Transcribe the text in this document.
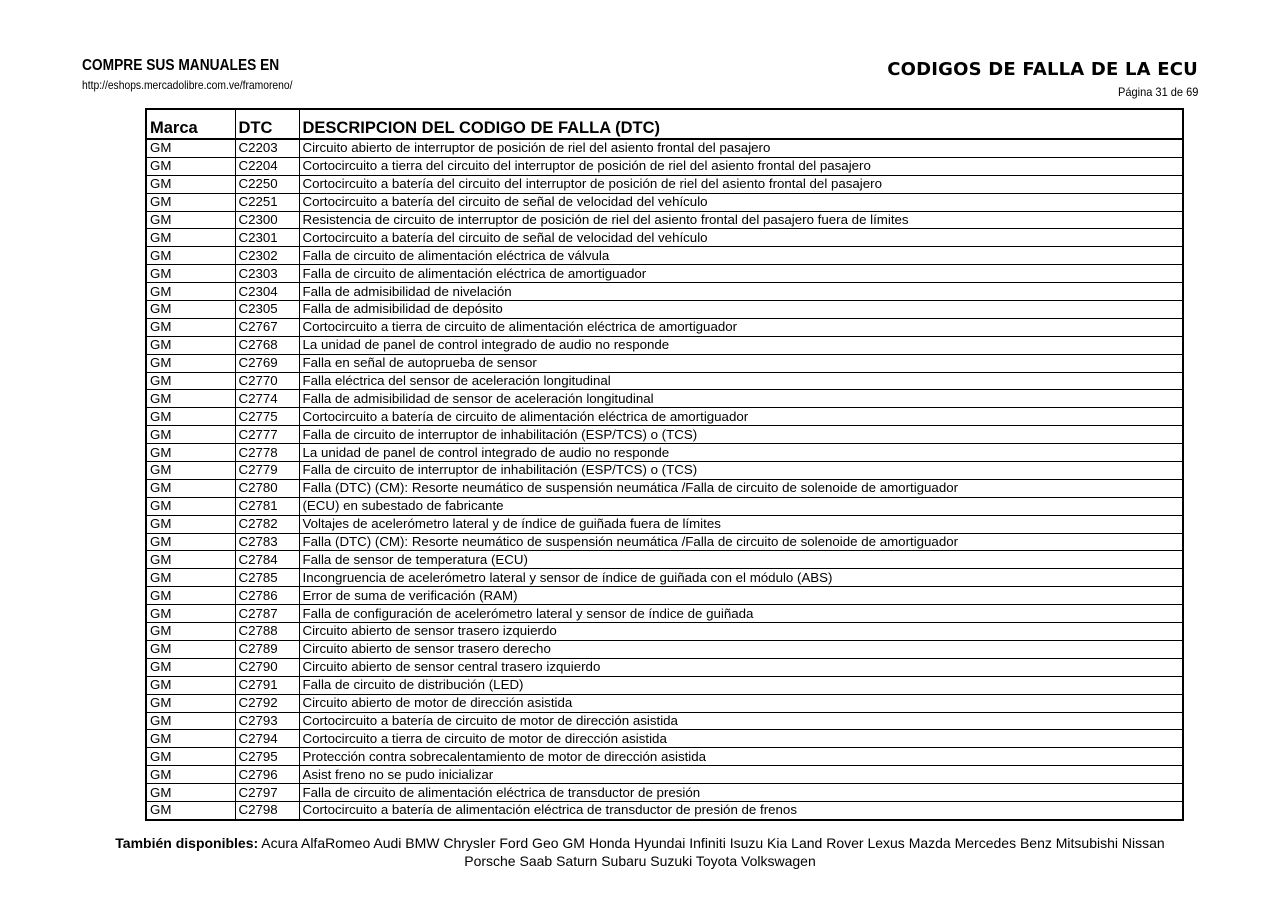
COMPRE SUS MANUALES EN
http://eshops.mercadolibre.com.ve/framoreno/
CODIGOS DE FALLA DE LA ECU
Página 31 de 69
Marca	DTC	DESCRIPCION DEL CODIGO DE FALLA (DTC)
GM	C2203	Circuito abierto de interruptor de posición de riel del asiento frontal del pasajero
GM	C2204	Cortocircuito a tierra del circuito del interruptor de posición de riel del asiento frontal del pasajero
GM	C2250	Cortocircuito a batería del circuito del interruptor de posición de riel del asiento frontal del pasajero
GM	C2251	Cortocircuito a batería del circuito de señal de velocidad del vehículo
GM	C2300	Resistencia de circuito de interruptor de posición de riel del asiento frontal del pasajero fuera de límites
GM	C2301	Cortocircuito a batería del circuito de señal de velocidad del vehículo
GM	C2302	Falla de circuito de alimentación eléctrica de válvula
GM	C2303	Falla de circuito de alimentación eléctrica de amortiguador
GM	C2304	Falla de admisibilidad de nivelación
GM	C2305	Falla de admisibilidad de depósito
GM	C2767	Cortocircuito a tierra de circuito de alimentación eléctrica de amortiguador
GM	C2768	La unidad de panel de control integrado de audio no responde
GM	C2769	Falla en señal de autoprueba de sensor
GM	C2770	Falla eléctrica del sensor de aceleración longitudinal
GM	C2774	Falla de admisibilidad de sensor de aceleración longitudinal
GM	C2775	Cortocircuito a batería de circuito de alimentación eléctrica de amortiguador
GM	C2777	Falla de circuito de interruptor de inhabilitación (ESP/TCS) o (TCS)
GM	C2778	La unidad de panel de control integrado de audio no responde
GM	C2779	Falla de circuito de interruptor de inhabilitación (ESP/TCS) o (TCS)
GM	C2780	Falla (DTC) (CM): Resorte neumático de suspensión neumática /Falla de circuito de solenoide de amortiguador
GM	C2781	(ECU) en subestado de fabricante
GM	C2782	Voltajes de acelerómetro lateral y de índice de guiñada fuera de límites
GM	C2783	Falla (DTC) (CM): Resorte neumático de suspensión neumática /Falla de circuito de solenoide de amortiguador
GM	C2784	Falla de sensor de temperatura (ECU)
GM	C2785	Incongruencia de acelerómetro lateral y sensor de índice de guiñada con el módulo (ABS)
GM	C2786	Error de suma de verificación (RAM)
GM	C2787	Falla de configuración de acelerómetro lateral y sensor de índice de guiñada
GM	C2788	Circuito abierto de sensor trasero izquierdo
GM	C2789	Circuito abierto de sensor trasero derecho
GM	C2790	Circuito abierto de sensor central trasero izquierdo
GM	C2791	Falla de circuito de distribución (LED)
GM	C2792	Circuito abierto de motor de dirección asistida
GM	C2793	Cortocircuito a batería de circuito de motor de dirección asistida
GM	C2794	Cortocircuito a tierra de circuito de motor de dirección asistida
GM	C2795	Protección contra sobrecalentamiento de motor de dirección asistida
GM	C2796	Asist freno no se pudo inicializar
GM	C2797	Falla de circuito de alimentación eléctrica de transductor de presión
GM	C2798	Cortocircuito a batería de alimentación eléctrica de transductor de presión de frenos
También disponibles: Acura AlfaRomeo Audi BMW Chrysler Ford Geo GM Honda Hyundai Infiniti Isuzu Kia Land Rover Lexus Mazda Mercedes Benz Mitsubishi Nissan
Porsche Saab Saturn Subaru Suzuki Toyota Volkswagen
